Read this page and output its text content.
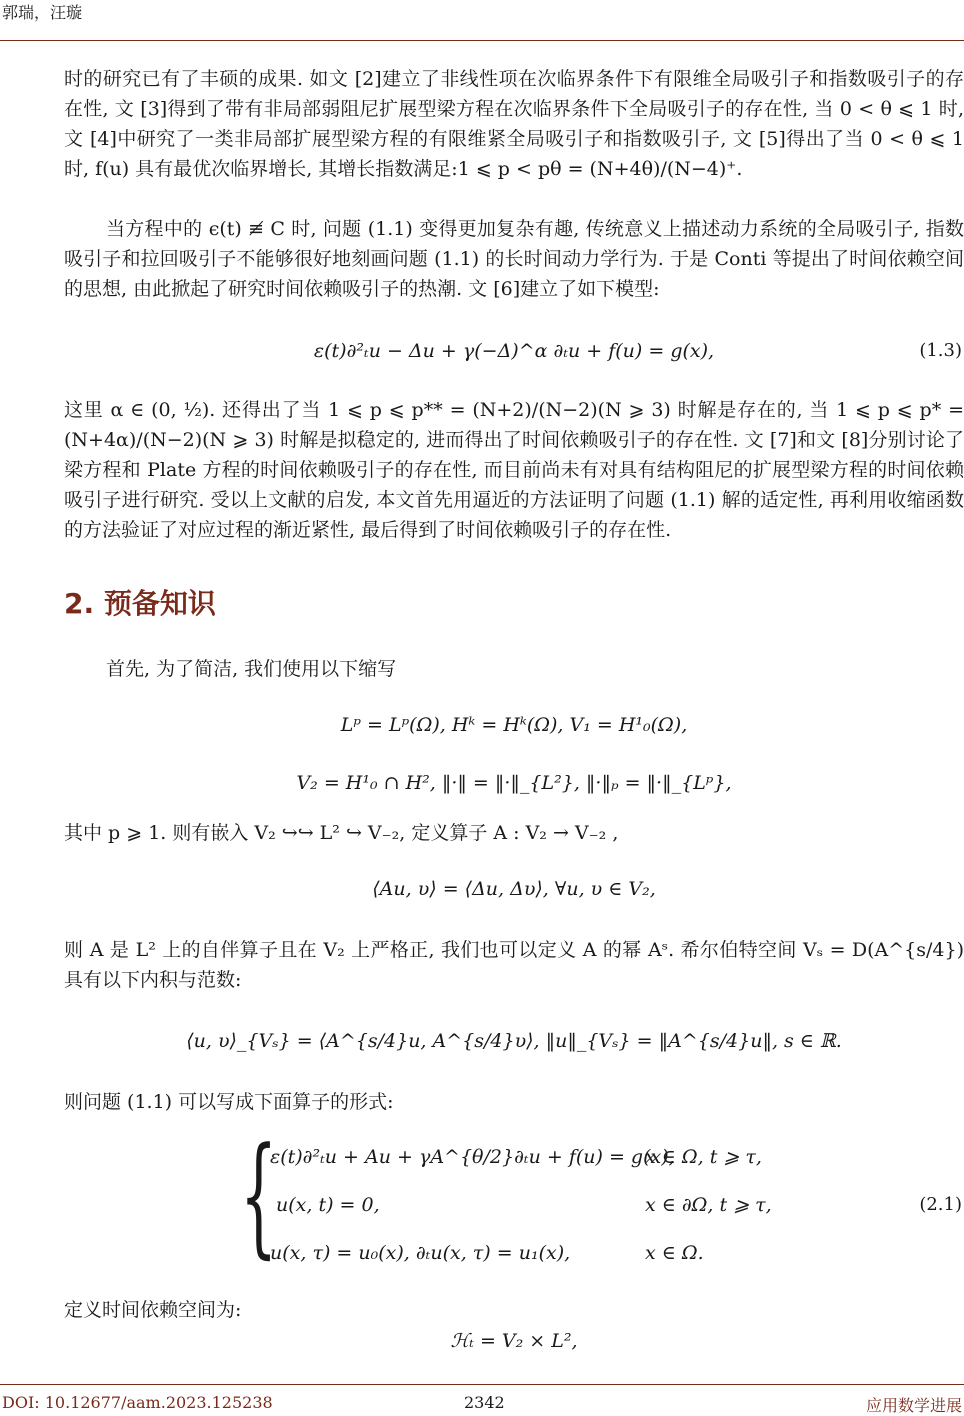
郭瑞，汪璇

时的研究已有了丰硕的成果. 如文 [2]建立了非线性项在次临界条件下有限维全局吸引子和指数吸引子的存在性, 文 [3]得到了带有非局部弱阻尼扩展型梁方程在次临界条件下全局吸引子的存在性, 当 0 < θ ⩽ 1 时, 文 [4]中研究了一类非局部扩展型梁方程的有限维紧全局吸引子和指数吸引子, 文 [5]得出了当 0 < θ ⩽ 1 时, f(u) 具有最优次临界增长, 其增长指数满足:1 ⩽ p < pθ = (N+4θ)/(N−4)⁺.

当方程中的 ϵ(t) ≢ C 时, 问题 (1.1) 变得更加复杂有趣, 传统意义上描述动力系统的全局吸引子, 指数吸引子和拉回吸引子不能够很好地刻画问题 (1.1) 的长时间动力学行为. 于是 Conti 等提出了时间依赖空间的思想, 由此掀起了研究时间依赖吸引子的热潮. 文 [6]建立了如下模型:

ε(t)∂²ₜu − Δu + γ(−Δ)^α ∂ₜu + f(u) = g(x),	(1.3)

这里 α ∈ (0, ½). 还得出了当 1 ⩽ p ⩽ p** = (N+2)/(N−2)(N ⩾ 3) 时解是存在的, 当 1 ⩽ p ⩽ p* = (N+4α)/(N−2)(N ⩾ 3) 时解是拟稳定的, 进而得出了时间依赖吸引子的存在性. 文 [7]和文 [8]分别讨论了梁方程和 Plate 方程的时间依赖吸引子的存在性, 而目前尚未有对具有结构阻尼的扩展型梁方程的时间依赖吸引子进行研究. 受以上文献的启发, 本文首先用逼近的方法证明了问题 (1.1) 解的适定性, 再利用收缩函数的方法验证了对应过程的渐近紧性, 最后得到了时间依赖吸引子的存在性.

2. 预备知识

首先, 为了简洁, 我们使用以下缩写

Lᵖ = Lᵖ(Ω), Hᵏ = Hᵏ(Ω), V₁ = H¹₀(Ω),
V₂ = H¹₀ ∩ H², ‖·‖ = ‖·‖_{L²}, ‖·‖ₚ = ‖·‖_{Lᵖ},

其中 p ⩾ 1. 则有嵌入 V₂ ↪↪ L² ↪ V₋₂, 定义算子 A : V₂ → V₋₂ ,

⟨Au, υ⟩ = ⟨Δu, Δυ⟩, ∀u, υ ∈ V₂,

则 A 是 L² 上的自伴算子且在 V₂ 上严格正, 我们也可以定义 A 的幂 Aˢ. 希尔伯特空间 Vₛ = D(A^{s/4}) 具有以下内积与范数:

⟨u, υ⟩_{Vₛ} = ⟨A^{s/4}u, A^{s/4}υ⟩, ‖u‖_{Vₛ} = ‖A^{s/4}u‖, s ∈ ℝ.

则问题 (1.1) 可以写成下面算子的形式:

{
ε(t)∂²ₜu + Au + γA^{θ/2}∂ₜu + f(u) = g(x),
x ∈ Ω, t ⩾ τ,
u(x, t) = 0,	x ∈ ∂Ω, t ⩾ τ,
u(x, τ) = u₀(x), ∂ₜu(x, τ) = u₁(x),	x ∈ Ω.
(2.1)

定义时间依赖空间为:

ℋₜ = V₂ × L²,
DOI: 10.12677/aam.2023.125238	2342	应用数学进展
